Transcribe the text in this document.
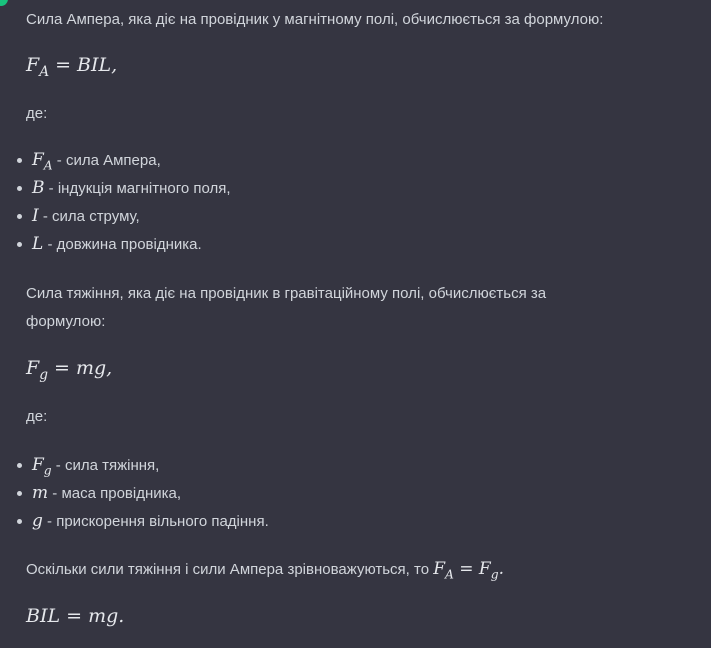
Сила Ампера, яка діє на провідник у магнітному полі, обчислюється за формулою:
$F_A$ = BIL,
де:
$F_A$ - сила Ампера,
B - індукція магнітного поля,
I - сила струму,
L - довжина провідника.
Сила тяжіння, яка діє на провідник в гравітаційному полі, обчислюється за формулою:
$F_g$ = mg,
де:
$F_g$ - сила тяжіння,
m - маса провідника,
g - прискорення вільного падіння.
Оскільки сили тяжіння і сили Ампера зрівноважуються, то $F_A = F_g$.
BIL = mg.
